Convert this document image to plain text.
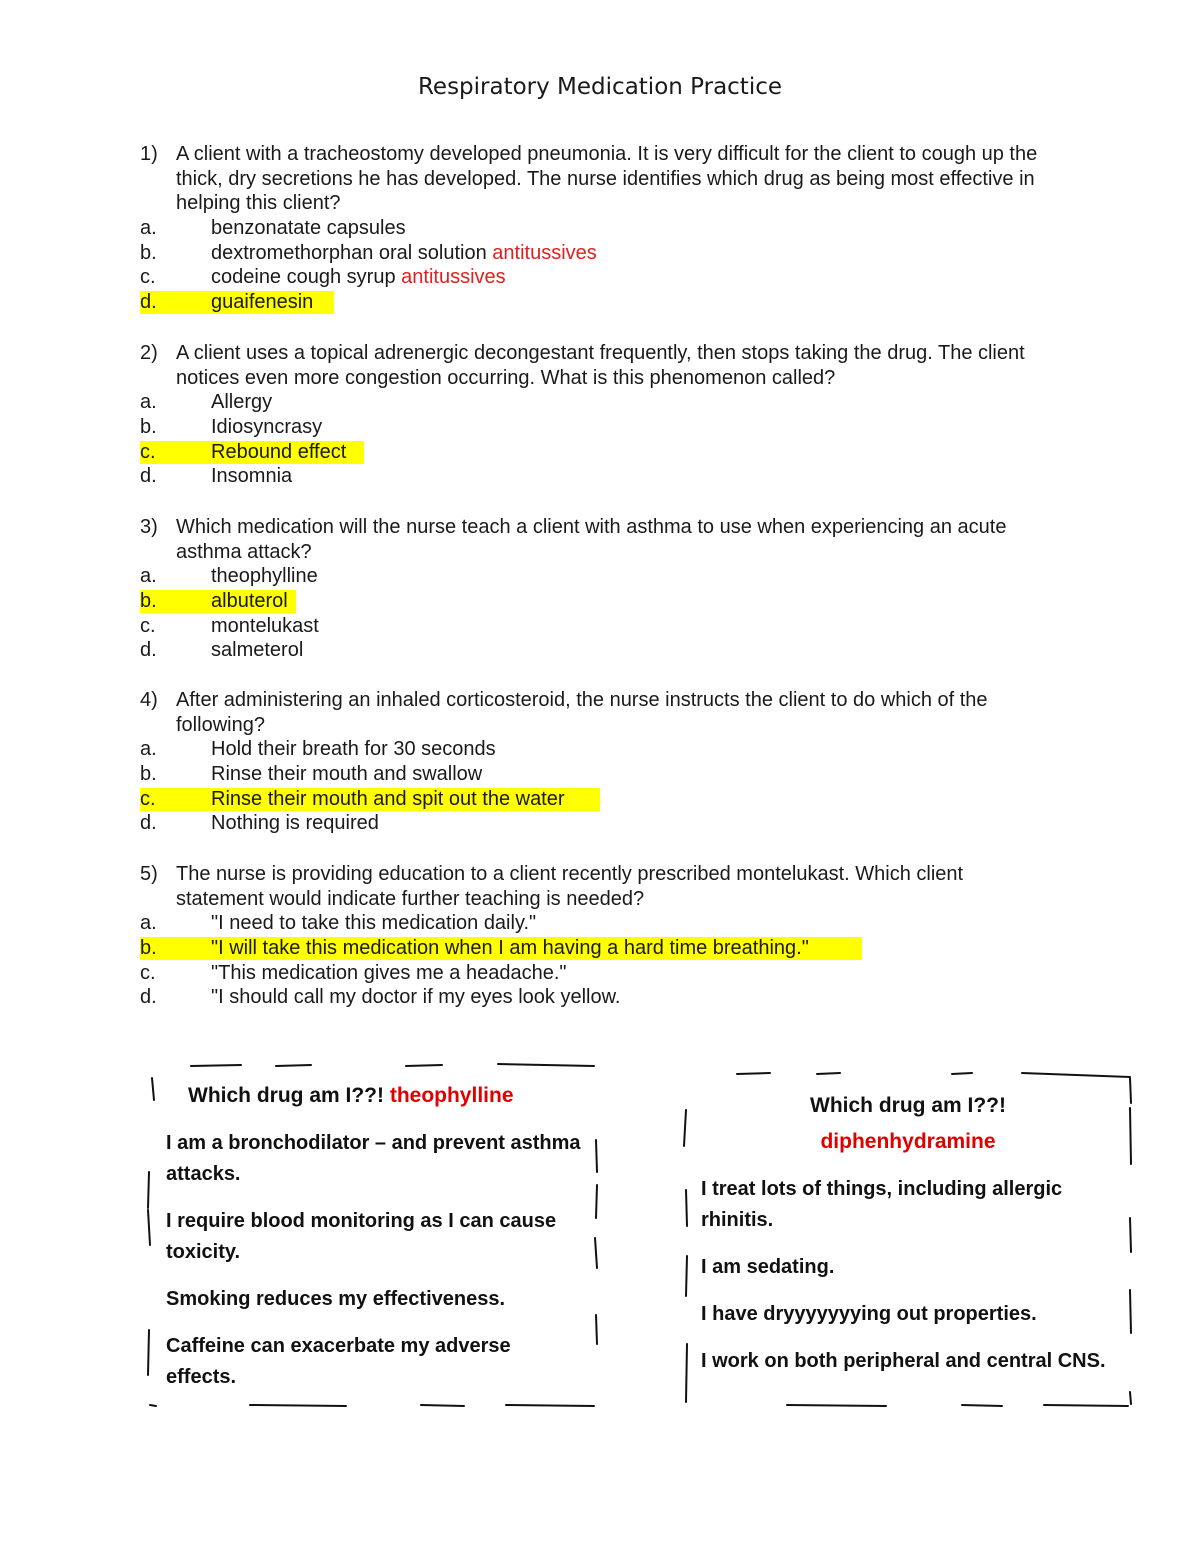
Respiratory Medication Practice
1) A client with a tracheostomy developed pneumonia. It is very difficult for the client to cough up the thick, dry secretions he has developed. The nurse identifies which drug as being most effective in helping this client?
a.	benzonatate capsules
b.	dextromethorphan oral solution antitussives
c.	codeine cough syrup antitussives
d.	guaifenesin
2) A client uses a topical adrenergic decongestant frequently, then stops taking the drug. The client notices even more congestion occurring. What is this phenomenon called?
a.	Allergy
b.	Idiosyncrasy
c.	Rebound effect
d.	Insomnia
3) Which medication will the nurse teach a client with asthma to use when experiencing an acute asthma attack?
a.	theophylline
b.	albuterol
c.	montelukast
d.	salmeterol
4) After administering an inhaled corticosteroid, the nurse instructs the client to do which of the following?
a.	Hold their breath for 30 seconds
b.	Rinse their mouth and swallow
c.	Rinse their mouth and spit out the water
d.	Nothing is required
5) The nurse is providing education to a client recently prescribed montelukast. Which client statement would indicate further teaching is needed?
a.	"I need to take this medication daily."
b.	"I will take this medication when I am having a hard time breathing."
c.	"This medication gives me a headache."
d.	"I should call my doctor if my eyes look yellow.
Which drug am I??! theophylline
I am a bronchodilator – and prevent asthma attacks.
I require blood monitoring as I can cause toxicity.
Smoking reduces my effectiveness.
Caffeine can exacerbate my adverse effects.
Which drug am I??!
diphenhydramine
I treat lots of things, including allergic rhinitis.
I am sedating.
I have dryyyyyyying out properties.
I work on both peripheral and central CNS.
